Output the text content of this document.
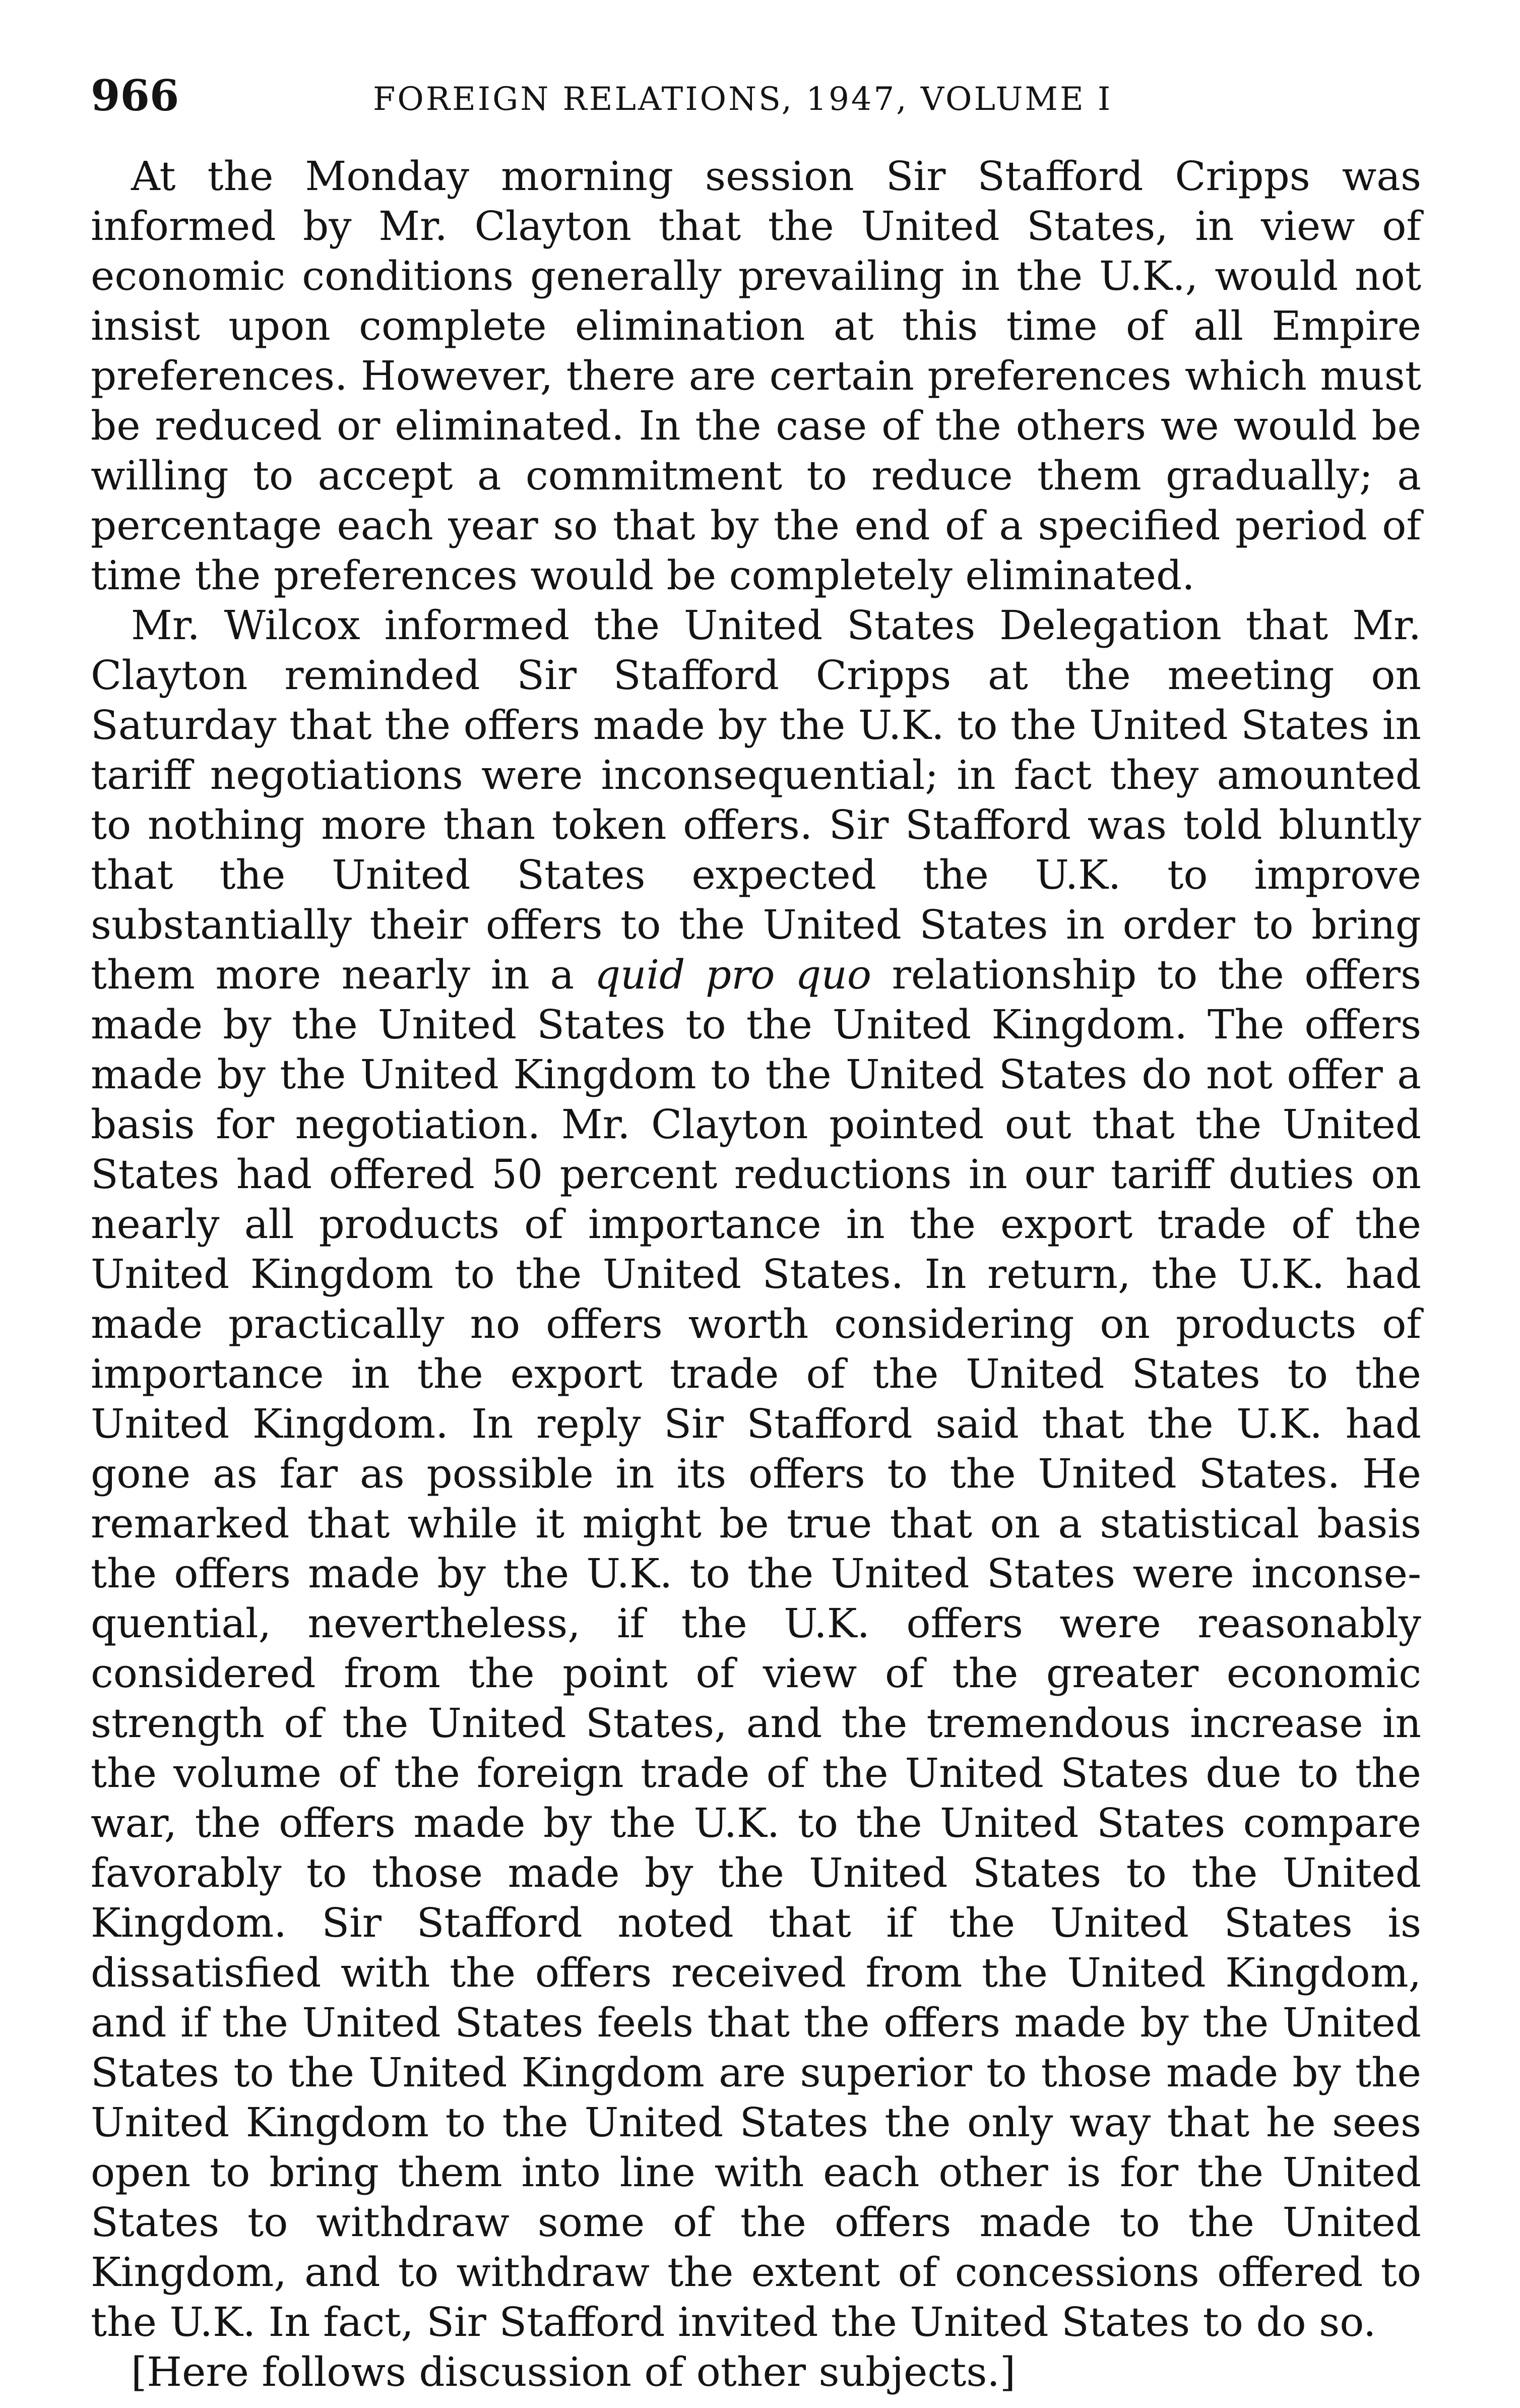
966	FOREIGN RELATIONS, 1947, VOLUME I

At the Monday morning session Sir Stafford Cripps was informed by Mr. Clayton that the United States, in view of economic conditions generally prevailing in the U.K., would not insist upon complete elimination at this time of all Empire preferences. However, there are certain preferences which must be reduced or eliminated. In the case of the others we would be willing to accept a commitment to reduce them gradually; a percentage each year so that by the end of a specified period of time the preferences would be completely eliminated.

Mr. Wilcox informed the United States Delegation that Mr. Clayton reminded Sir Stafford Cripps at the meeting on Saturday that the offers made by the U.K. to the United States in tariff negotiations were inconsequential; in fact they amounted to nothing more than token offers. Sir Stafford was told bluntly that the United States expected the U.K. to improve substantially their offers to the United States in order to bring them more nearly in a quid pro quo relationship to the offers made by the United States to the United Kingdom. The offers made by the United Kingdom to the United States do not offer a basis for negotiation. Mr. Clayton pointed out that the United States had offered 50 percent reductions in our tariff duties on nearly all products of importance in the export trade of the United Kingdom to the United States. In return, the U.K. had made practically no offers worth considering on products of importance in the export trade of the United States to the United Kingdom. In reply Sir Stafford said that the U.K. had gone as far as possible in its offers to the United States. He remarked that while it might be true that on a statistical basis the offers made by the U.K. to the United States were inconsequential, nevertheless, if the U.K. offers were reasonably considered from the point of view of the greater economic strength of the United States, and the tremendous increase in the volume of the foreign trade of the United States due to the war, the offers made by the U.K. to the United States compare favorably to those made by the United States to the United Kingdom. Sir Stafford noted that if the United States is dissatisfied with the offers received from the United Kingdom, and if the United States feels that the offers made by the United States to the United Kingdom are superior to those made by the United Kingdom to the United States the only way that he sees open to bring them into line with each other is for the United States to withdraw some of the offers made to the United Kingdom, and to withdraw the extent of concessions offered to the U.K. In fact, Sir Stafford invited the United States to do so.

[Here follows discussion of other subjects.]
